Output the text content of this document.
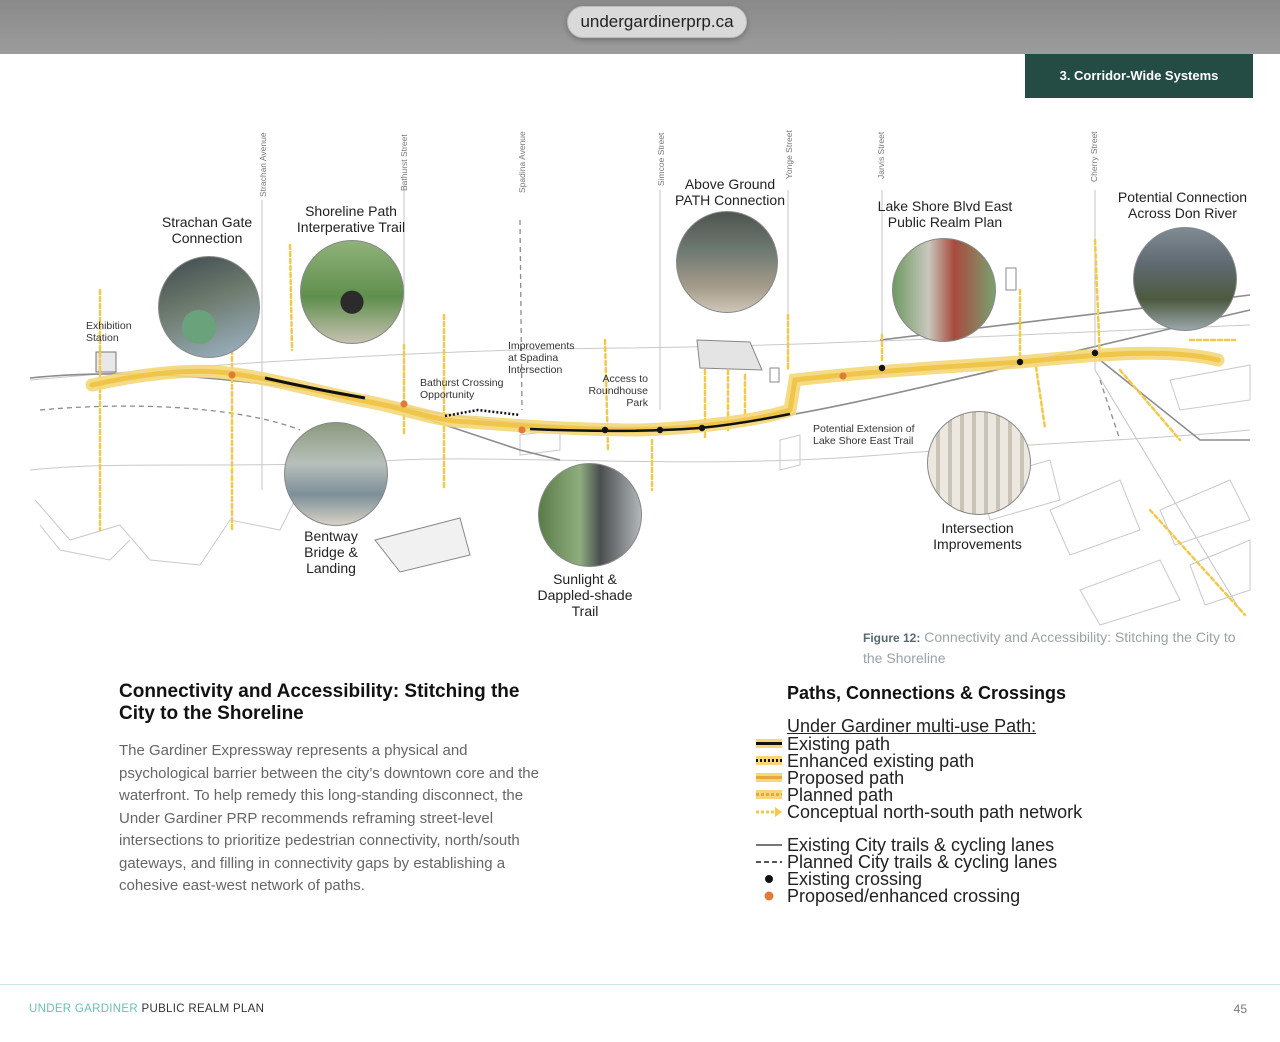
undergardinerprp.ca
3. Corridor-Wide Systems
Strachan Avenue	Bathurst Street	Spadina Avenue	Simcoe Street	Yonge Street	Jarvis Street	Cherry Street
Strachan Gate Connection
Shoreline Path Interperative Trail
Above Ground PATH Connection	Lake Shore Blvd East Public Realm Plan
Potential Connection Across Don River
Bentway Bridge & Landing
Sunlight & Dappled-shade Trail
Intersection Improvements
Exhibition Station
Bathurst Crossing Opportunity
Improvements at Spadina Intersection
Access to Roundhouse Park
Potential Extension of Lake Shore East Trail
Figure 12: Connectivity and Accessibility: Stitching the City to the Shoreline
Connectivity and Accessibility: Stitching the City to the Shoreline
The Gardiner Expressway represents a physical and psychological barrier between the city’s downtown core and the waterfront. To help remedy this long-standing disconnect, the Under Gardiner PRP recommends reframing street-level intersections to prioritize pedestrian connectivity, north/south gateways, and filling in connectivity gaps by establishing a cohesive east-west network of paths.
Paths, Connections & Crossings
Under Gardiner multi-use Path:
Existing path
Enhanced existing path
Proposed path
Planned path
Conceptual north-south path network
Existing City trails & cycling lanes
Planned City trails & cycling lanes
Existing crossing
Proposed/enhanced crossing
UNDER GARDINER PUBLIC REALM PLAN	45
